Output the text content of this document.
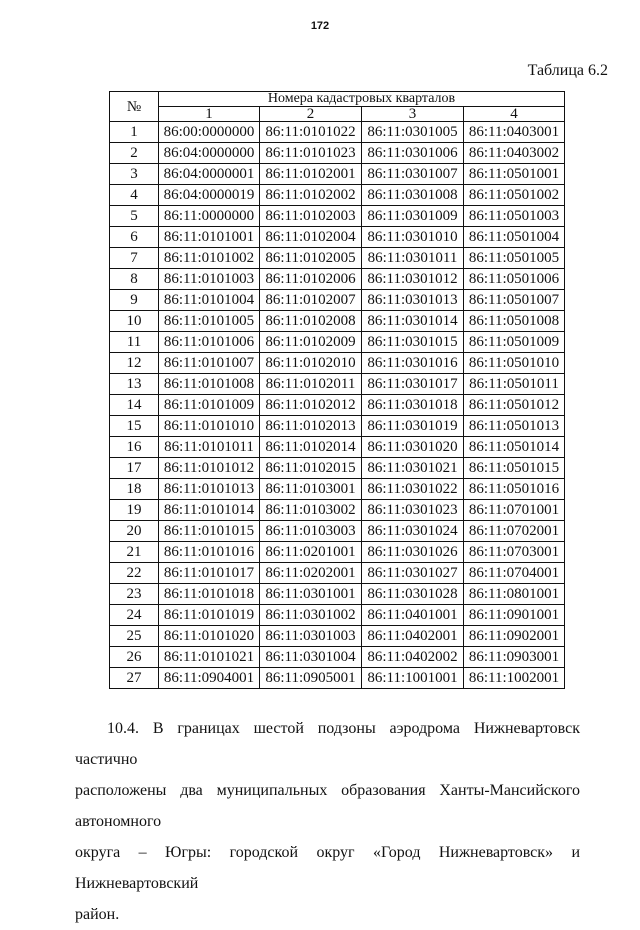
172
Таблица 6.2
№	Номера кадастровых кварталов			
	1	2	3	4
1	86:00:0000000	86:11:0101022	86:11:0301005	86:11:0403001
2	86:04:0000000	86:11:0101023	86:11:0301006	86:11:0403002
3	86:04:0000001	86:11:0102001	86:11:0301007	86:11:0501001
4	86:04:0000019	86:11:0102002	86:11:0301008	86:11:0501002
5	86:11:0000000	86:11:0102003	86:11:0301009	86:11:0501003
6	86:11:0101001	86:11:0102004	86:11:0301010	86:11:0501004
7	86:11:0101002	86:11:0102005	86:11:0301011	86:11:0501005
8	86:11:0101003	86:11:0102006	86:11:0301012	86:11:0501006
9	86:11:0101004	86:11:0102007	86:11:0301013	86:11:0501007
10	86:11:0101005	86:11:0102008	86:11:0301014	86:11:0501008
11	86:11:0101006	86:11:0102009	86:11:0301015	86:11:0501009
12	86:11:0101007	86:11:0102010	86:11:0301016	86:11:0501010
13	86:11:0101008	86:11:0102011	86:11:0301017	86:11:0501011
14	86:11:0101009	86:11:0102012	86:11:0301018	86:11:0501012
15	86:11:0101010	86:11:0102013	86:11:0301019	86:11:0501013
16	86:11:0101011	86:11:0102014	86:11:0301020	86:11:0501014
17	86:11:0101012	86:11:0102015	86:11:0301021	86:11:0501015
18	86:11:0101013	86:11:0103001	86:11:0301022	86:11:0501016
19	86:11:0101014	86:11:0103002	86:11:0301023	86:11:0701001
20	86:11:0101015	86:11:0103003	86:11:0301024	86:11:0702001
21	86:11:0101016	86:11:0201001	86:11:0301026	86:11:0703001
22	86:11:0101017	86:11:0202001	86:11:0301027	86:11:0704001
23	86:11:0101018	86:11:0301001	86:11:0301028	86:11:0801001
24	86:11:0101019	86:11:0301002	86:11:0401001	86:11:0901001
25	86:11:0101020	86:11:0301003	86:11:0402001	86:11:0902001
26	86:11:0101021	86:11:0301004	86:11:0402002	86:11:0903001
27	86:11:0904001	86:11:0905001	86:11:1001001	86:11:1002001
10.4. В границах шестой подзоны аэродрома Нижневартовск частично
расположены два муниципальных образования Ханты-Мансийского автономного
округа – Югры: городской округ «Город Нижневартовск» и Нижневартовский
район.
